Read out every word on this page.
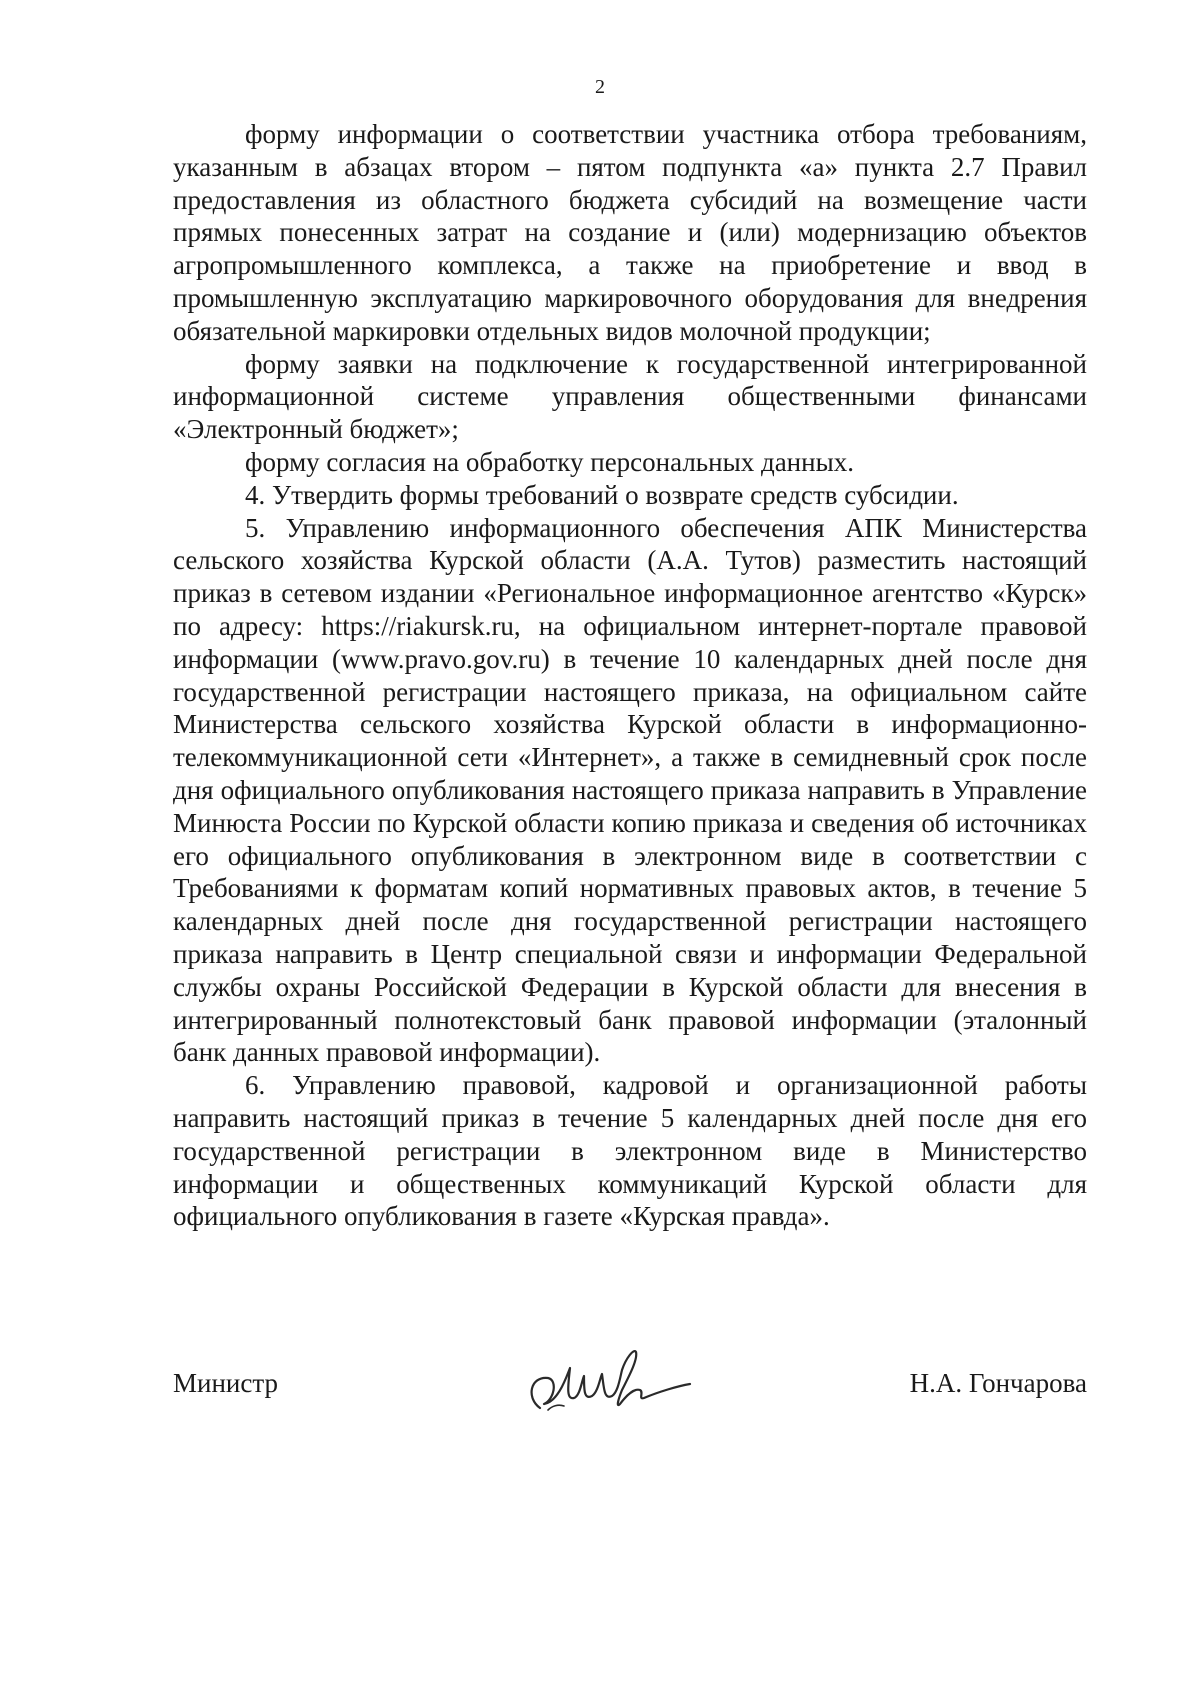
2

форму информации о соответствии участника отбора требованиям, указанным в абзацах втором – пятом подпункта «а» пункта 2.7 Правил предоставления из областного бюджета субсидий на возмещение части прямых понесенных затрат на создание и (или) модернизацию объектов агропромышленного комплекса, а также на приобретение и ввод в промышленную эксплуатацию маркировочного оборудования для внедрения обязательной маркировки отдельных видов молочной продукции;

форму заявки на подключение к государственной интегрированной информационной системе управления общественными финансами «Электронный бюджет»;

форму согласия на обработку персональных данных.

4. Утвердить формы требований о возврате средств субсидии.

5. Управлению информационного обеспечения АПК Министерства сельского хозяйства Курской области (А.А. Тутов) разместить настоящий приказ в сетевом издании «Региональное информационное агентство «Курск» по адресу: https://riakursk.ru, на официальном интернет-портале правовой информации (www.pravo.gov.ru) в течение 10 календарных дней после дня государственной регистрации настоящего приказа, на официальном сайте Министерства сельского хозяйства Курской области в информационно-телекоммуникационной сети «Интернет», а также в семидневный срок после дня официального опубликования настоящего приказа направить в Управление Минюста России по Курской области копию приказа и сведения об источниках его официального опубликования в электронном виде в соответствии с Требованиями к форматам копий нормативных правовых актов, в течение 5 календарных дней после дня государственной регистрации настоящего приказа направить в Центр специальной связи и информации Федеральной службы охраны Российской Федерации в Курской области для внесения в интегрированный полнотекстовый банк правовой информации (эталонный банк данных правовой информации).

6. Управлению правовой, кадровой и организационной работы направить настоящий приказ в течение 5 календарных дней после дня его государственной регистрации в электронном виде в Министерство информации и общественных коммуникаций Курской области для официального опубликования в газете «Курская правда».

Министр	Н.А. Гончарова
